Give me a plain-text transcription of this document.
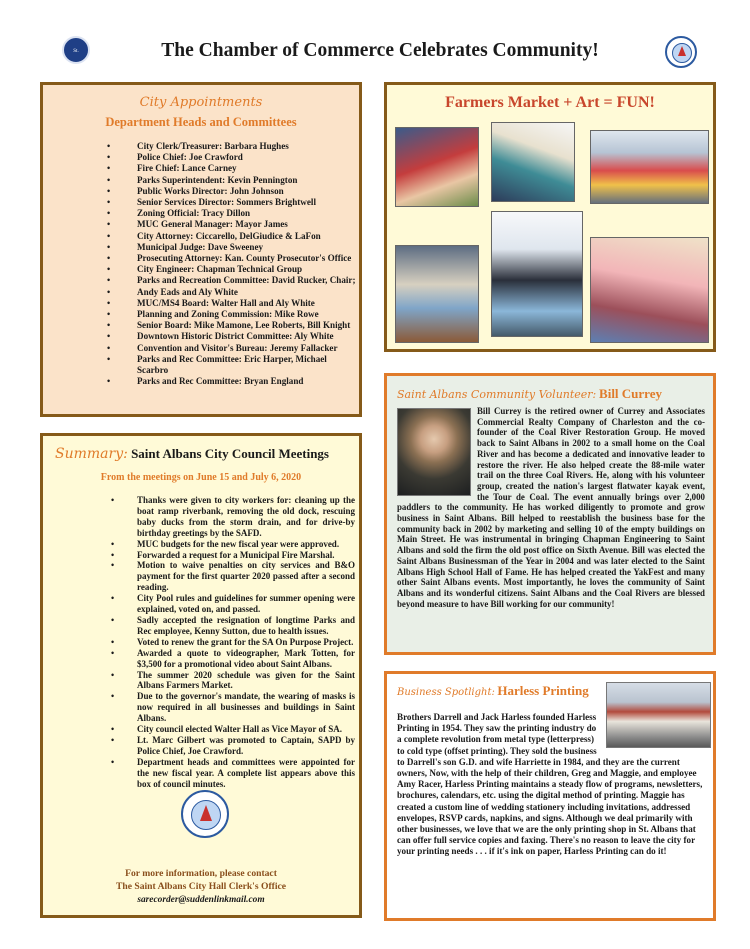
St.	The Chamber of Commerce Celebrates Community!
City Appointments
Department Heads and Committees
• City Clerk/Treasurer: Barbara Hughes
• Police Chief: Joe Crawford
• Fire Chief: Lance Carney
• Parks Superintendent: Kevin Pennington
• Public Works Director: John Johnson
• Senior Services Director: Sommers Brightwell
• Zoning Official: Tracy Dillon
• MUC General Manager: Mayor James
• City Attorney: Ciccarello, DelGiudice & LaFon
• Municipal Judge: Dave Sweeney
• Prosecuting Attorney: Kan. County Prosecutor's Office
• City Engineer: Chapman Technical Group
• Parks and Recreation Committee: David Rucker, Chair;
• Andy Eads and Aly White
• MUC/MS4 Board: Walter Hall and Aly White
• Planning and Zoning Commission: Mike Rowe
• Senior Board: Mike Mamone, Lee Roberts, Bill Knight
• Downtown Historic District Committee: Aly White
• Convention and Visitor's Bureau: Jeremy Fallacker
• Parks and Rec Committee: Eric Harper, Michael Scarbro
• Parks and Rec Committee: Bryan England
Summary: Saint Albans City Council Meetings
From the meetings on June 15 and July 6, 2020
• Thanks were given to city workers for: cleaning up the boat ramp riverbank, removing the old dock, rescuing baby ducks from the storm drain, and for drive-by birthday greetings by the SAFD.
• MUC budgets for the new fiscal year were approved.
• Forwarded a request for a Municipal Fire Marshal.
• Motion to waive penalties on city services and B&O payment for the first quarter 2020 passed after a second reading.
• City Pool rules and guidelines for summer opening were explained, voted on, and passed.
• Sadly accepted the resignation of longtime Parks and Rec employee, Kenny Sutton, due to health issues.
• Voted to renew the grant for the SA On Purpose Project.
• Awarded a quote to videographer, Mark Totten, for $3,500 for a promotional video about Saint Albans.
• The summer 2020 schedule was given for the Saint Albans Farmers Market.
• Due to the governor's mandate, the wearing of masks is now required in all businesses and buildings in Saint Albans.
• City council elected Walter Hall as Vice Mayor of SA.
• Lt. Marc Gilbert was promoted to Captain, SAPD by Police Chief, Joe Crawford.
• Department heads and committees were appointed for the new fiscal year. A complete list appears above this box of council minutes.
For more information, please contact
The Saint Albans City Hall Clerk's Office
sarecorder@suddenlinkmail.com
Farmers Market + Art = FUN!
Saint Albans Community Volunteer: Bill Currey
Bill Currey is the retired owner of Currey and Associates Commercial Realty Company of Charleston and the co-founder of the Coal River Restoration Group. He moved back to Saint Albans in 2002 to a small home on the Coal River and has become a dedicated and innovative leader to restore the river. He also helped create the 88-mile water trail on the three Coal Rivers. He, along with his volunteer group, created the nation's largest flatwater kayak event, the Tour de Coal. The event annually brings over 2,000 paddlers to the community. He has worked diligently to promote and grow business in Saint Albans. Bill helped to reestablish the business base for the community back in 2002 by marketing and selling 10 of the empty buildings on Main Street. He was instrumental in bringing Chapman Engineering to Saint Albans and sold the firm the old post office on Sixth Avenue. Bill was elected the Saint Albans Businessman of the Year in 2004 and was later elected to the Saint Albans High School Hall of Fame. He has helped created the YakFest and many other Saint Albans events. Most importantly, he loves the community of Saint Albans and its wonderful citizens. Saint Albans and the Coal Rivers are blessed beyond measure to have Bill working for our community!
Business Spotlight: Harless Printing
Brothers Darrell and Jack Harless founded Harless Printing in 1954. They saw the printing industry do a complete revolution from metal type (letterpress) to cold type (offset printing). They sold the business to Darrell's son G.D. and wife Harriette in 1984, and they are the current owners, Now, with the help of their children, Greg and Maggie, and employee Amy Racer, Harless Printing maintains a steady flow of programs, newsletters, brochures, calendars, etc. using the digital method of printing. Maggie has created a custom line of wedding stationery including invitations, addressed envelopes, RSVP cards, napkins, and signs. Although we deal primarily with other businesses, we love that we are the only printing shop in St. Albans that can offer full service copies and faxing. There's no reason to leave the city for your printing needs . . . if it's ink on paper, Harless Printing can do it!
